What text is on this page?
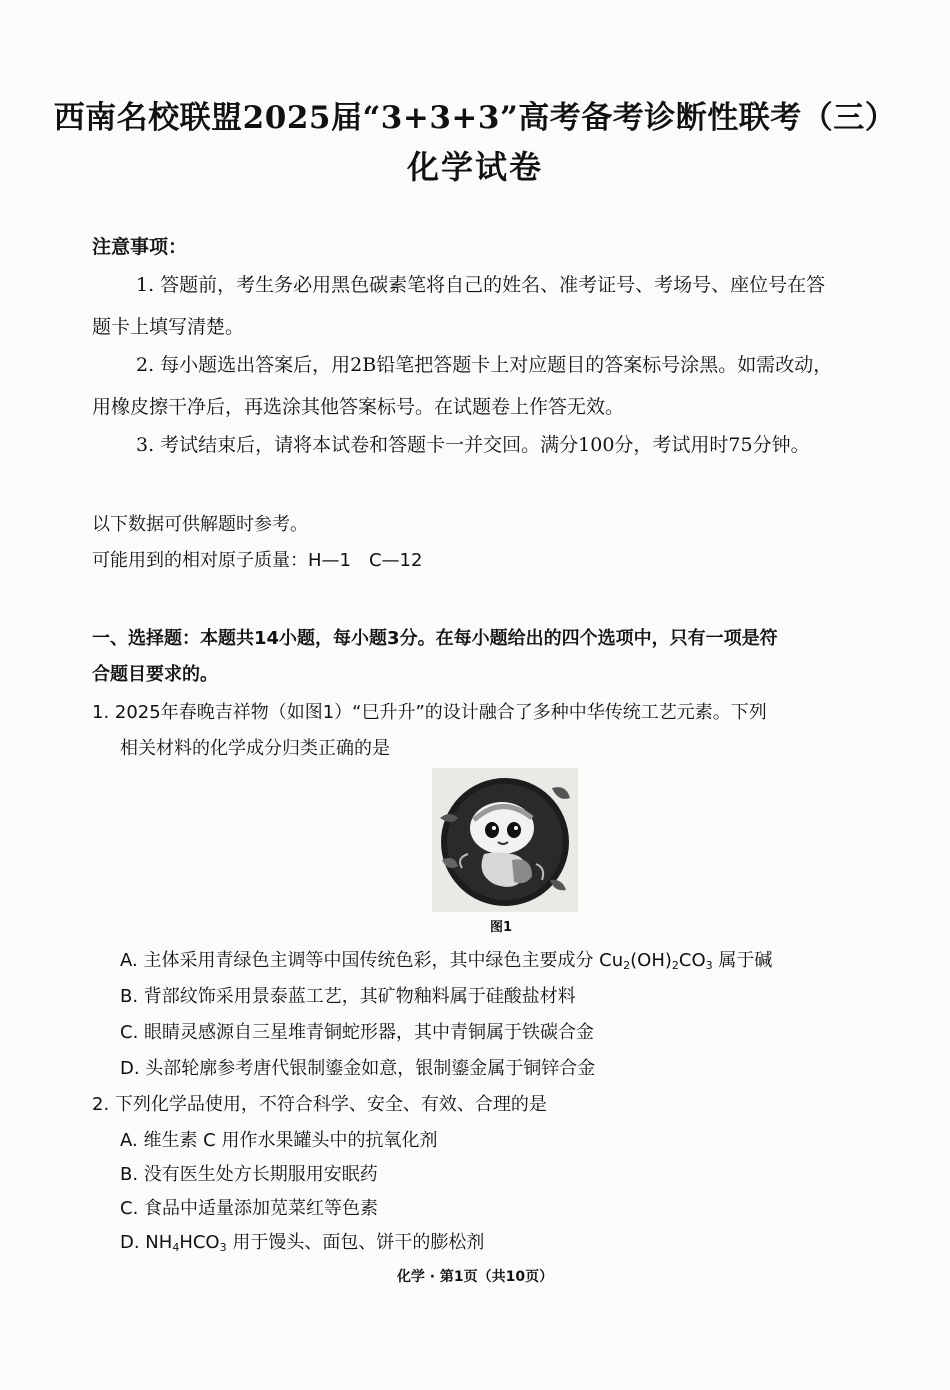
西南名校联盟2025届“3+3+3”高考备考诊断性联考（三）
化学试卷
注意事项：
1. 答题前，考生务必用黑色碳素笔将自己的姓名、准考证号、考场号、座位号在答
题卡上填写清楚。
2. 每小题选出答案后，用2B铅笔把答题卡上对应题目的答案标号涂黑。如需改动，
用橡皮擦干净后，再选涂其他答案标号。在试题卷上作答无效。
3. 考试结束后，请将本试卷和答题卡一并交回。满分100分，考试用时75分钟。
以下数据可供解题时参考。
可能用到的相对原子质量：H—1　C—12
一、选择题：本题共14小题，每小题3分。在每小题给出的四个选项中，只有一项是符
合题目要求的。
1. 2025年春晚吉祥物（如图1）“巳升升”的设计融合了多种中华传统工艺元素。下列
相关材料的化学成分归类正确的是
图1
A. 主体采用青绿色主调等中国传统色彩，其中绿色主要成分 $Cu_2(OH)_2CO_3$ 属于碱
B. 背部纹饰采用景泰蓝工艺，其矿物釉料属于硅酸盐材料
C. 眼睛灵感源自三星堆青铜蛇形器，其中青铜属于铁碳合金
D. 头部轮廓参考唐代银制鎏金如意，银制鎏金属于铜锌合金
2. 下列化学品使用，不符合科学、安全、有效、合理的是
A. 维生素 C 用作水果罐头中的抗氧化剂
B. 没有医生处方长期服用安眠药
C. 食品中适量添加苋菜红等色素
D. $NH_4HCO_3$ 用于馒头、面包、饼干的膨松剂
化学 · 第1页（共10页）
